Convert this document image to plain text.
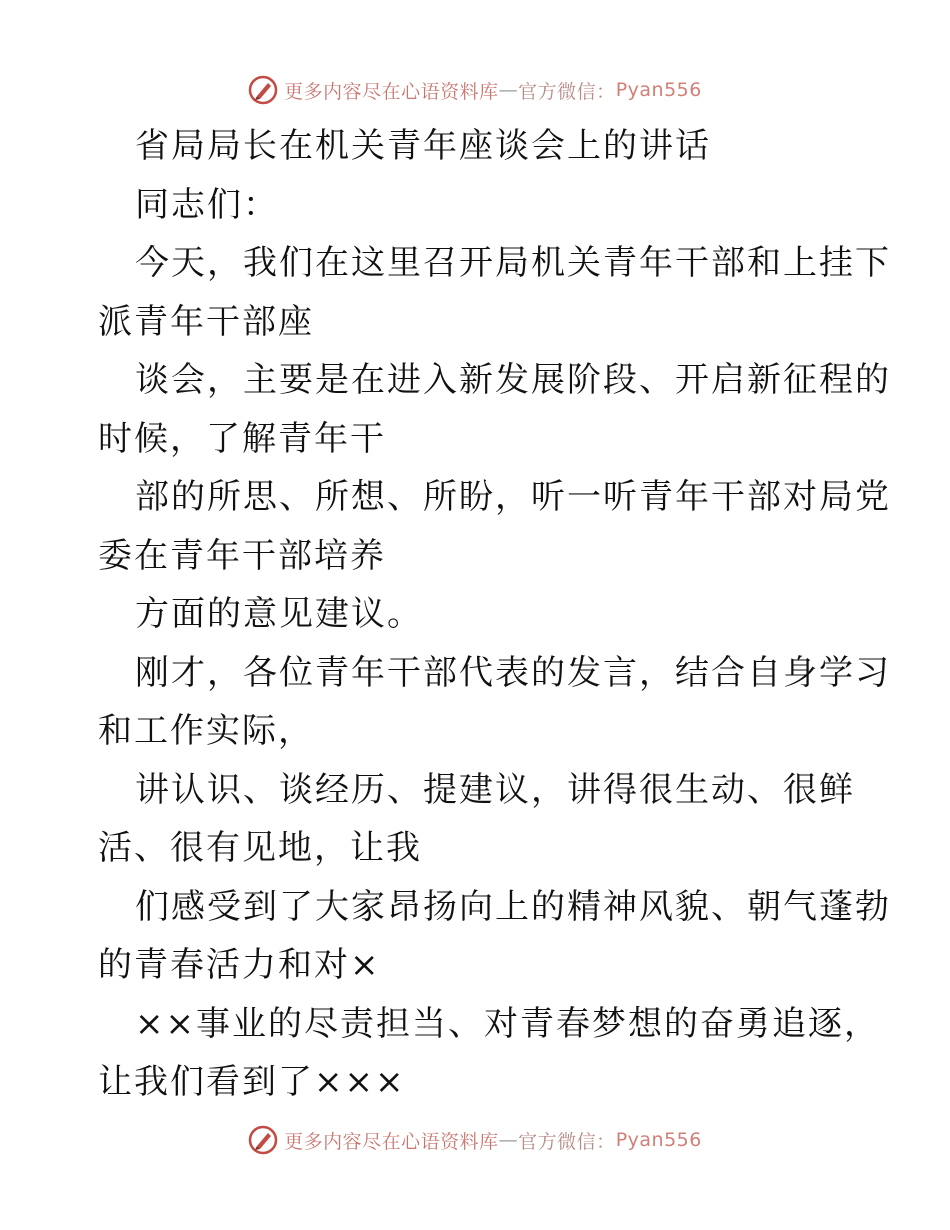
更多内容尽在心语资料库 — 官方微信： Pyan556
省局局长在机关青年座谈会上的讲话
同志们：
今天，我们在这里召开局机关青年干部和上挂下
派青年干部座
谈会，主要是在进入新发展阶段、开启新征程的
时候，了解青年干
部的所思、所想、所盼，听一听青年干部对局党
委在青年干部培养
方面的意见建议。
刚才，各位青年干部代表的发言，结合自身学习
和工作实际，
讲认识、谈经历、提建议，讲得很生动、很鲜
活、很有见地，让我
们感受到了大家昂扬向上的精神风貌、朝气蓬勃
的青春活力和对×
××事业的尽责担当、对青春梦想的奋勇追逐，
让我们看到了×××
更多内容尽在心语资料库 — 官方微信： Pyan556
